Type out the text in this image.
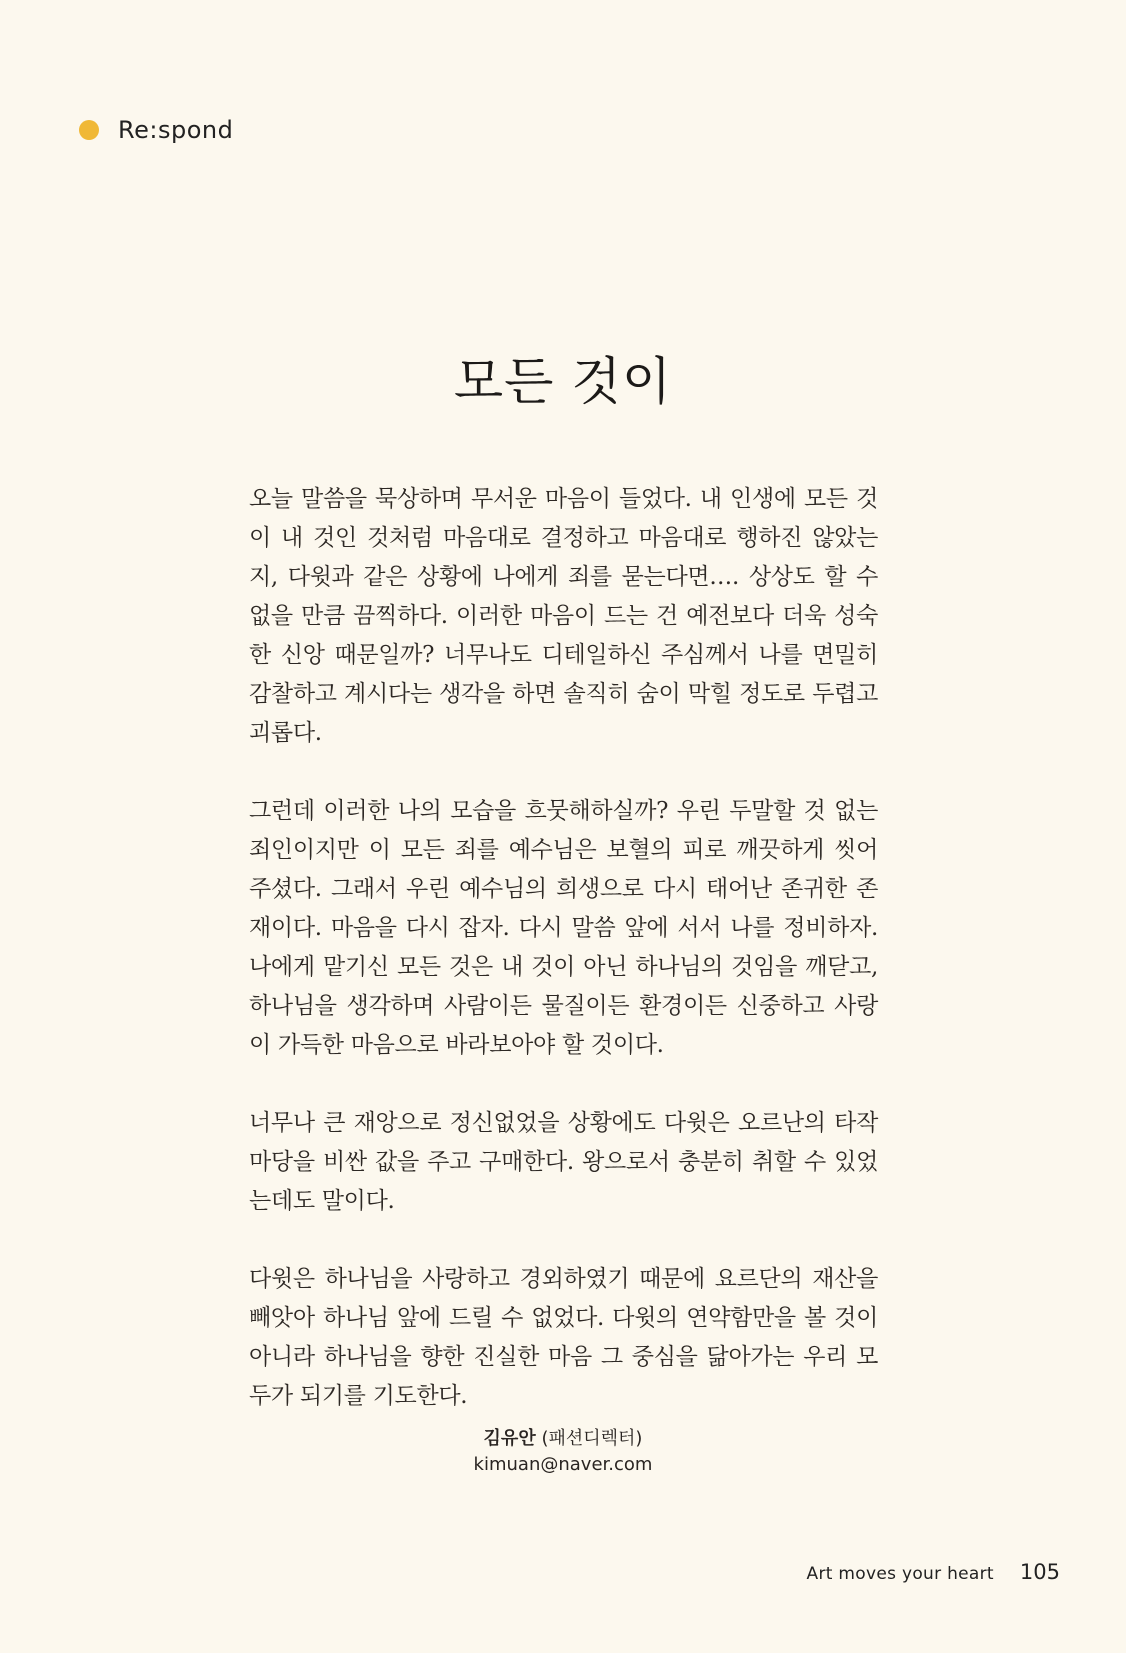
Re:spond
모든 것이

오늘 말씀을 묵상하며 무서운 마음이 들었다. 내 인생에 모든 것이 내 것인 것처럼 마음대로 결정하고 마음대로 행하진 않았는지, 다윗과 같은 상황에 나에게 죄를 묻는다면…. 상상도 할 수 없을 만큼 끔찍하다. 이러한 마음이 드는 건 예전보다 더욱 성숙한 신앙 때문일까? 너무나도 디테일하신 주심께서 나를 면밀히 감찰하고 계시다는 생각을 하면 솔직히 숨이 막힐 정도로 두렵고 괴롭다.

그런데 이러한 나의 모습을 흐뭇해하실까? 우린 두말할 것 없는 죄인이지만 이 모든 죄를 예수님은 보혈의 피로 깨끗하게 씻어 주셨다. 그래서 우린 예수님의 희생으로 다시 태어난 존귀한 존재이다. 마음을 다시 잡자. 다시 말씀 앞에 서서 나를 정비하자. 나에게 맡기신 모든 것은 내 것이 아닌 하나님의 것임을 깨닫고, 하나님을 생각하며 사람이든 물질이든 환경이든 신중하고 사랑이 가득한 마음으로 바라보아야 할 것이다.

너무나 큰 재앙으로 정신없었을 상황에도 다윗은 오르난의 타작 마당을 비싼 값을 주고 구매한다. 왕으로서 충분히 취할 수 있었는데도 말이다.

다윗은 하나님을 사랑하고 경외하였기 때문에 요르단의 재산을 빼앗아 하나님 앞에 드릴 수 없었다. 다윗의 연약함만을 볼 것이 아니라 하나님을 향한 진실한 마음 그 중심을 닮아가는 우리 모두가 되기를 기도한다.

김유안 (패션디렉터)
kimuan@naver.com
Art moves your heart 105
